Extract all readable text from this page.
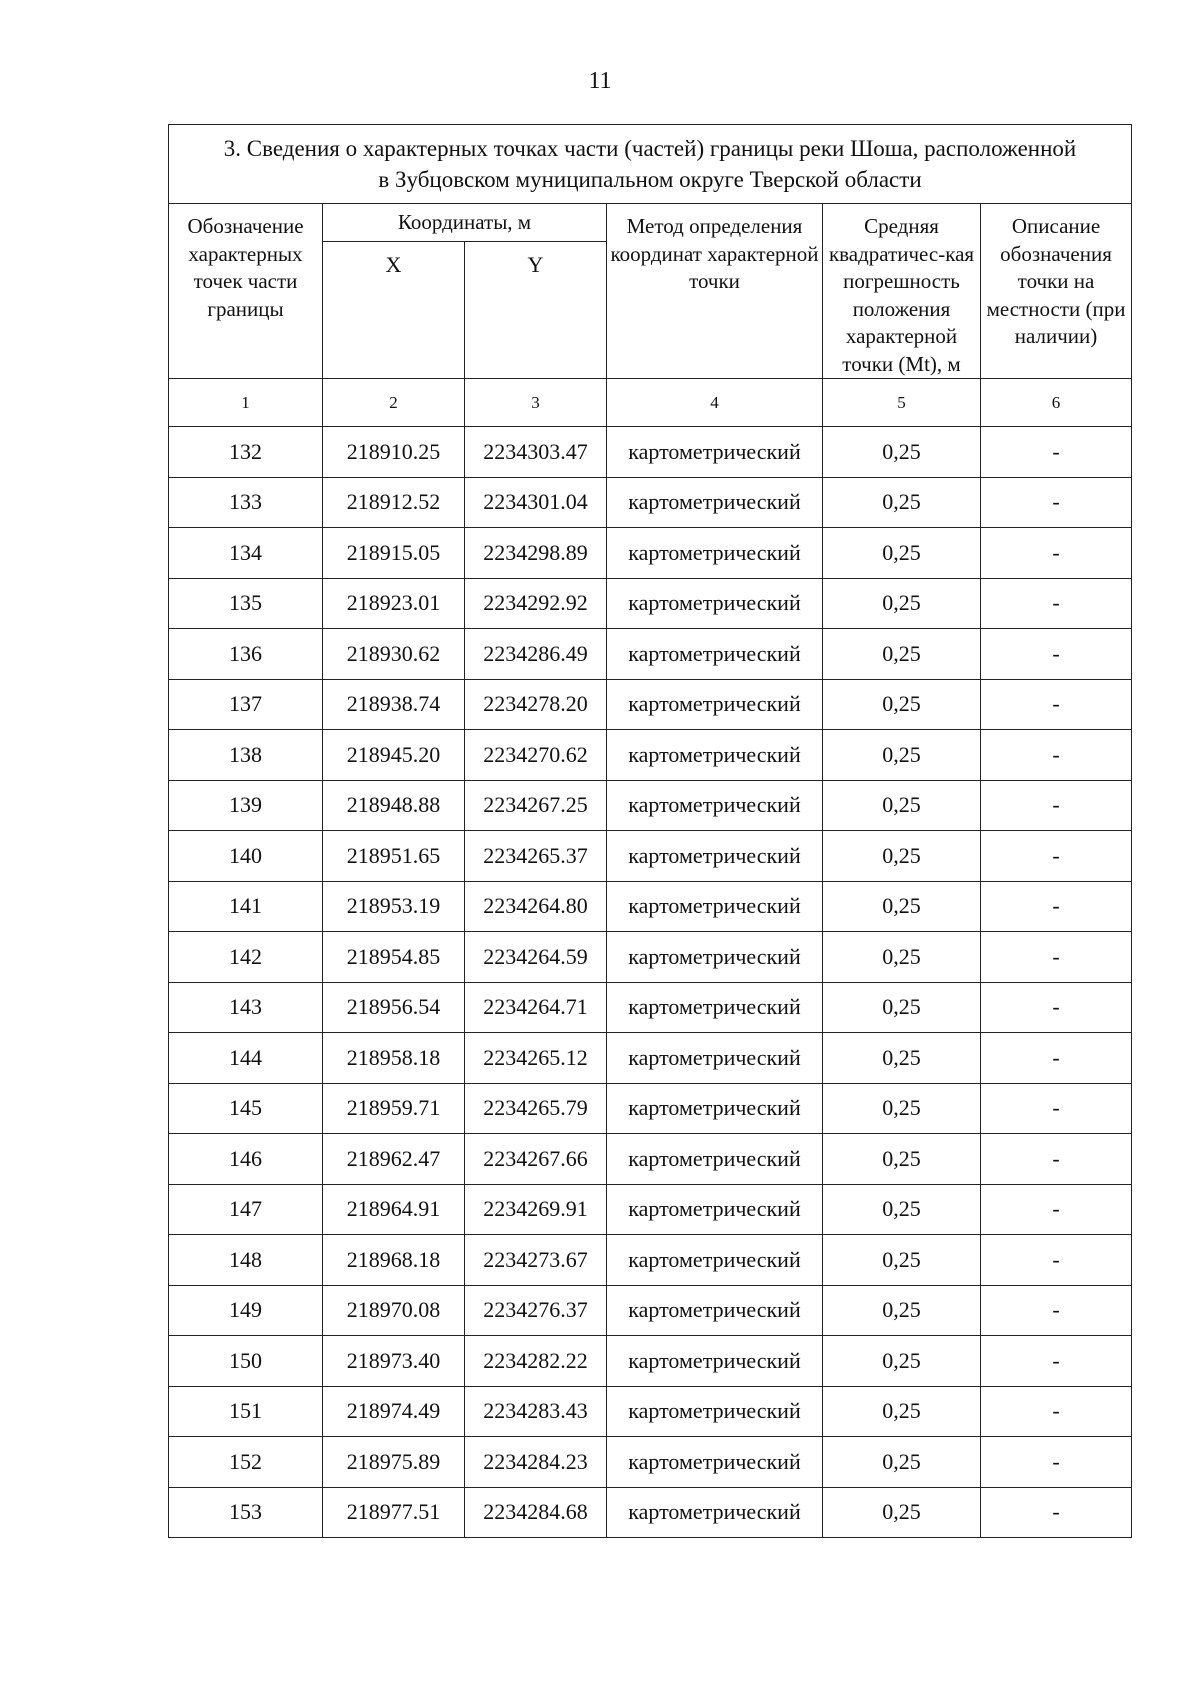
11
3. Сведения о характерных точках части (частей) границы реки Шоша, расположенной
в Зубцовском муниципальном округе Тверской области					

Обозначение характерных точек части границы	Координаты, м		Метод определения координат характерной точки	Средняя квадратичес-кая погрешность положения характерной точки (Mt), м	Описание обозначения точки на местности (при наличии)
	X	Y			
1	2	3	4	5	6
132	218910.25	2234303.47	картометрический	0,25	-
133	218912.52	2234301.04	картометрический	0,25	-
134	218915.05	2234298.89	картометрический	0,25	-
135	218923.01	2234292.92	картометрический	0,25	-
136	218930.62	2234286.49	картометрический	0,25	-
137	218938.74	2234278.20	картометрический	0,25	-
138	218945.20	2234270.62	картометрический	0,25	-
139	218948.88	2234267.25	картометрический	0,25	-
140	218951.65	2234265.37	картометрический	0,25	-
141	218953.19	2234264.80	картометрический	0,25	-
142	218954.85	2234264.59	картометрический	0,25	-
143	218956.54	2234264.71	картометрический	0,25	-
144	218958.18	2234265.12	картометрический	0,25	-
145	218959.71	2234265.79	картометрический	0,25	-
146	218962.47	2234267.66	картометрический	0,25	-
147	218964.91	2234269.91	картометрический	0,25	-
148	218968.18	2234273.67	картометрический	0,25	-
149	218970.08	2234276.37	картометрический	0,25	-
150	218973.40	2234282.22	картометрический	0,25	-
151	218974.49	2234283.43	картометрический	0,25	-
152	218975.89	2234284.23	картометрический	0,25	-
153	218977.51	2234284.68	картометрический	0,25	-
